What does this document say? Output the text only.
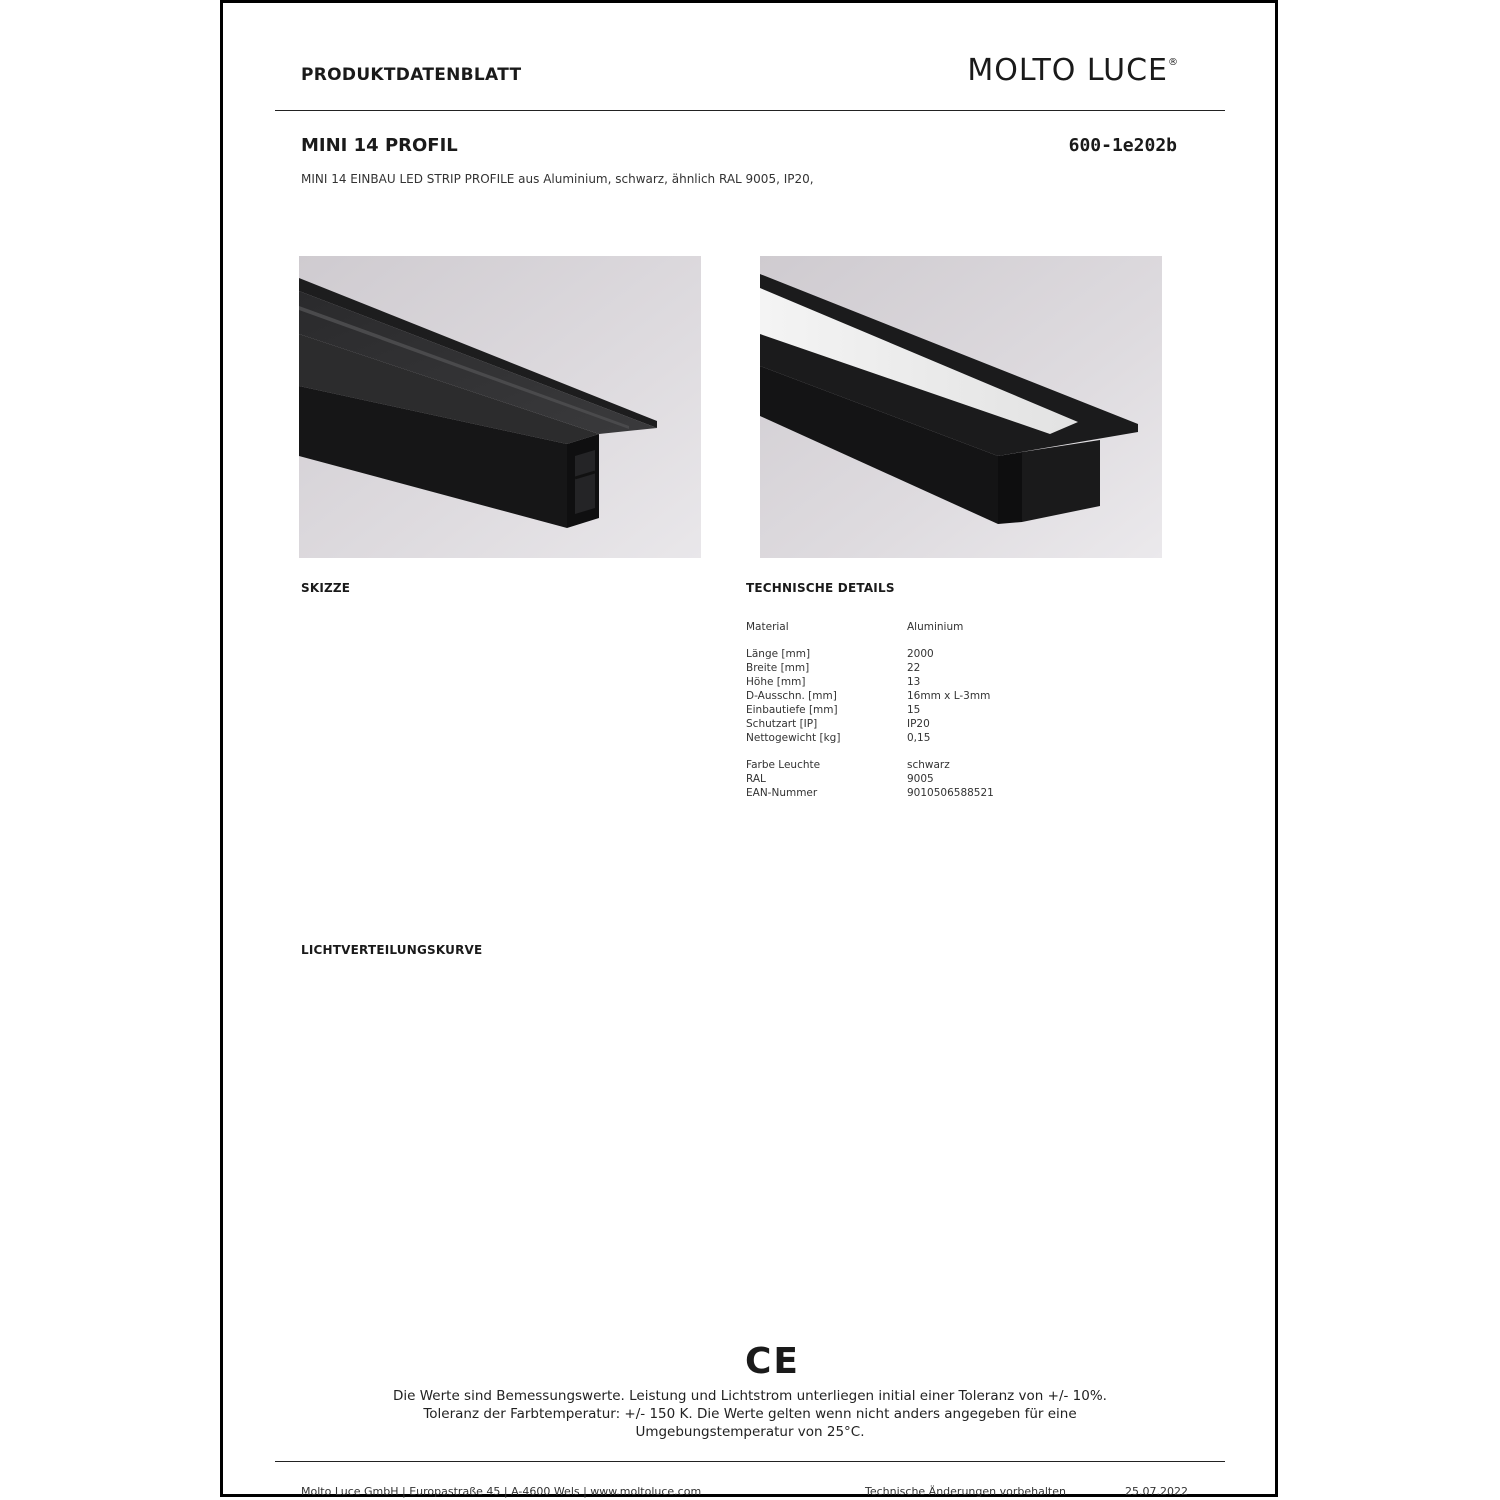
PRODUKTDATENBLATT	MOLTO LUCE®
MINI 14 PROFIL	600-1e202b
MINI 14 EINBAU LED STRIP PROFILE aus Aluminium, schwarz, ähnlich RAL 9005, IP20,
SKIZZE	TECHNISCHE DETAILS
Material	Aluminium
Länge [mm]	2000
Breite [mm]	22
Höhe [mm]	13
D-Ausschn. [mm]	16mm x L-3mm
Einbautiefe [mm]	15
Schutzart [IP]	IP20
Nettogewicht [kg]	0,15
Farbe Leuchte	schwarz
RAL	9005
EAN-Nummer	9010506588521
LICHTVERTEILUNGSKURVE
CE
Die Werte sind Bemessungswerte. Leistung und Lichtstrom unterliegen initial einer Toleranz von +/- 10%.
Toleranz der Farbtemperatur: +/- 150 K. Die Werte gelten wenn nicht anders angegeben für eine
Umgebungstemperatur von 25°C.
Molto Luce GmbH | Europastraße 45 | A-4600 Wels | www.moltoluce.com	Technische Änderungen vorbehalten	25.07.2022
